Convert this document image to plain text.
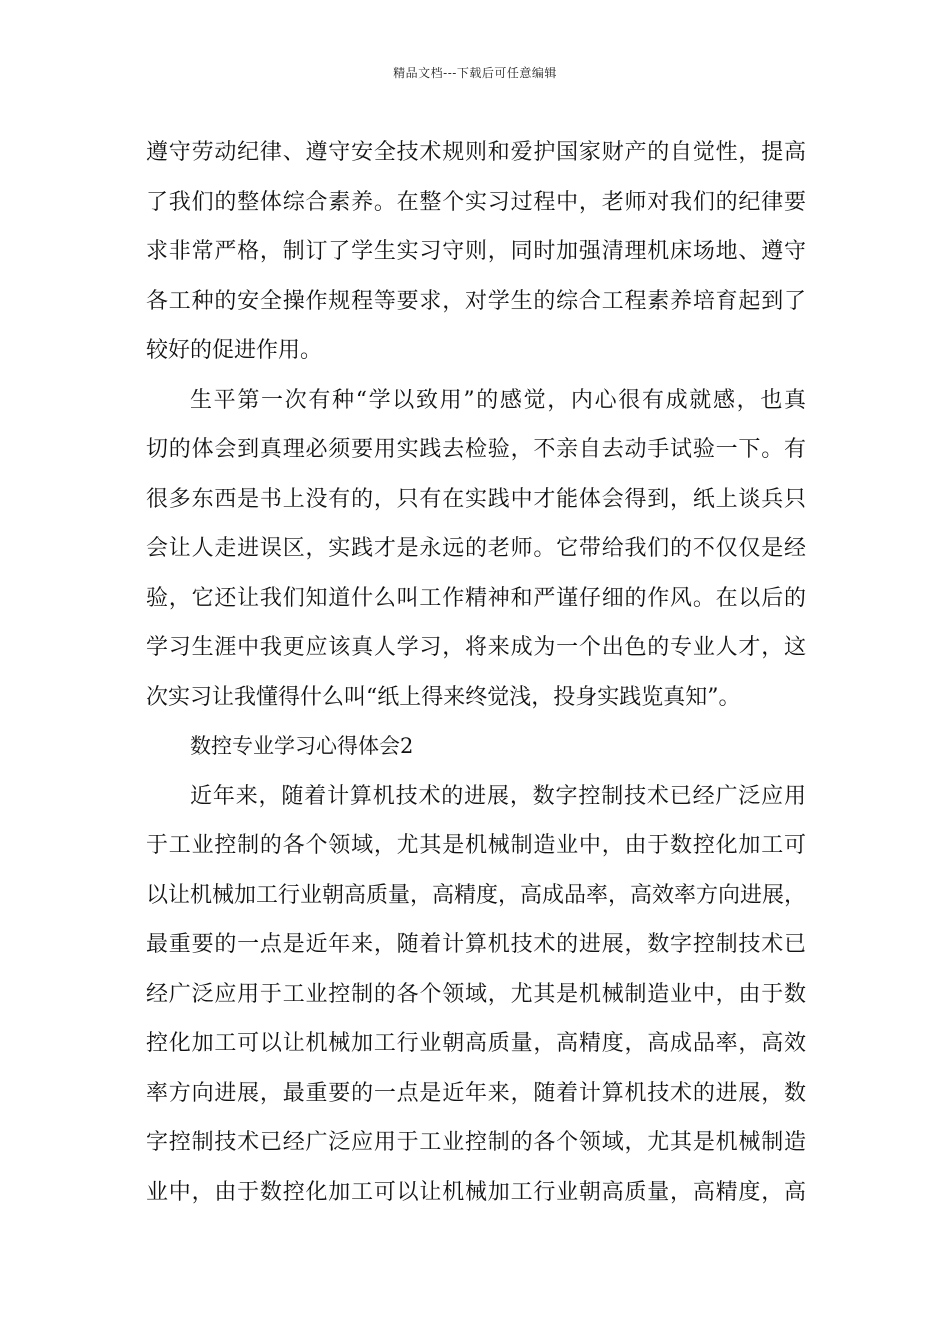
精品文档---下载后可任意编辑
遵守劳动纪律、遵守安全技术规则和爱护国家财产的自觉性，提高
了我们的整体综合素养。在整个实习过程中，老师对我们的纪律要
求非常严格，制订了学生实习守则，同时加强清理机床场地、遵守
各工种的安全操作规程等要求，对学生的综合工程素养培育起到了
较好的促进作用。
生平第一次有种“学以致用”的感觉，内心很有成就感，也真
切的体会到真理必须要用实践去检验，不亲自去动手试验一下。有
很多东西是书上没有的，只有在实践中才能体会得到，纸上谈兵只
会让人走进误区，实践才是永远的老师。它带给我们的不仅仅是经
验，它还让我们知道什么叫工作精神和严谨仔细的作风。在以后的
学习生涯中我更应该真人学习，将来成为一个出色的专业人才，这
次实习让我懂得什么叫“纸上得来终觉浅，投身实践览真知”。
数控专业学习心得体会2
近年来，随着计算机技术的进展，数字控制技术已经广泛应用
于工业控制的各个领域，尤其是机械制造业中，由于数控化加工可
以让机械加工行业朝高质量，高精度，高成品率，高效率方向进展，
最重要的一点是近年来，随着计算机技术的进展，数字控制技术已
经广泛应用于工业控制的各个领域，尤其是机械制造业中，由于数
控化加工可以让机械加工行业朝高质量，高精度，高成品率，高效
率方向进展，最重要的一点是近年来，随着计算机技术的进展，数
字控制技术已经广泛应用于工业控制的各个领域，尤其是机械制造
业中，由于数控化加工可以让机械加工行业朝高质量，高精度，高
